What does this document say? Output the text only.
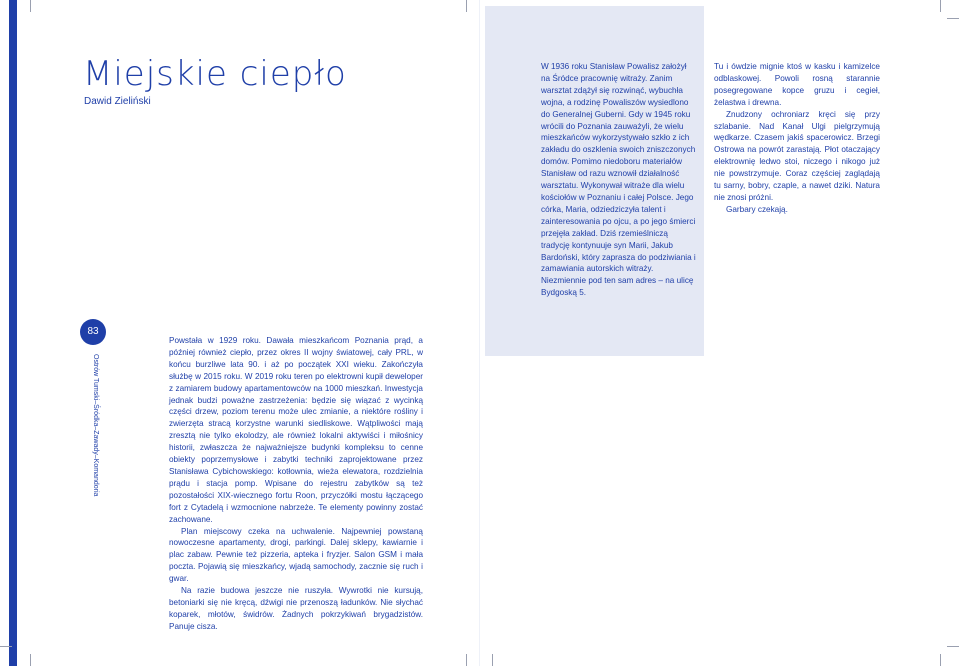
Miejskie ciepło
Dawid Zieliński
83
Ostrów Tumski–Śródka–Zawady–Komandoria

Powstała w 1929 roku. Dawała mieszkańcom Poznania prąd, a później również ciepło, przez okres II wojny światowej, cały PRL, w końcu burzliwe lata 90. i aż po początek XXI wieku. Zakończyła służbę w 2015 roku. W 2019 roku teren po elektrowni kupił deweloper z zamiarem budowy apartamentowców na 1000 mieszkań. Inwestycja jednak budzi poważne zastrzeżenia: będzie się wiązać z wycinką części drzew, poziom terenu może ulec zmianie, a niektóre rośliny i zwierzęta stracą korzystne warunki siedliskowe. Wątpliwości mają zresztą nie tylko ekolodzy, ale również lokalni aktywiści i miłośnicy historii, zwłaszcza że najważniejsze budynki kompleksu to cenne obiekty poprzemysłowe i zabytki techniki zaprojektowane przez Stanisława Cybichowskiego: kotłownia, wieża elewatora, rozdzielnia prądu i stacja pomp. Wpisane do rejestru zabytków są też pozostałości XIX-wiecznego fortu Roon, przyczółki mostu łączącego fort z Cytadelą i wzmocnione nabrzeże. Te elementy powinny zostać zachowane.

Plan miejscowy czeka na uchwalenie. Najpewniej powstaną nowoczesne apartamenty, drogi, parkingi. Dalej sklepy, kawiarnie i plac zabaw. Pewnie też pizzeria, apteka i fryzjer. Salon GSM i mała poczta. Pojawią się mieszkańcy, wjadą samochody, zacznie się ruch i gwar.

Na razie budowa jeszcze nie ruszyła. Wywrotki nie kursują, betoniarki się nie kręcą, dźwigi nie przenoszą ładunków. Nie słychać koparek, młotów, świdrów. Żadnych pokrzykiwań brygadzistów. Panuje cisza.

W 1936 roku Stanisław Powalisz założył na Śródce pracownię witraży. Zanim warsztat zdążył się rozwinąć, wybuchła wojna, a rodzinę Powaliszów wysiedlono do Generalnej Guberni. Gdy w 1945 roku wrócili do Poznania zauważyli, że wielu mieszkańców wykorzystywało szkło z ich zakładu do oszklenia swoich zniszczonych domów. Pomimo niedoboru materiałów Stanisław od razu wznowił działalność warsztatu. Wykonywał witraże dla wielu kościołów w Poznaniu i całej Polsce. Jego córka, Maria, odziedziczyła talent i zainteresowania po ojcu, a po jego śmierci przejęła zakład. Dziś rzemieślniczą tradycję kontynuuje syn Marii, Jakub Bardoński, który zaprasza do podziwiania i zamawiania autorskich witraży. Niezmiennie pod ten sam adres – na ulicę Bydgoską 5.

Tu i ówdzie mignie ktoś w kasku i kamizelce odblaskowej. Powoli rosną starannie posegregowane kopce gruzu i cegieł, żelastwa i drewna.

Znudzony ochroniarz kręci się przy szlabanie. Nad Kanał Ulgi pielgrzymują wędkarze. Czasem jakiś spacerowicz. Brzegi Ostrowa na powrót zarastają. Płot otaczający elektrownię ledwo stoi, niczego i nikogo już nie powstrzymuje. Coraz częściej zaglądają tu sarny, bobry, czaple, a nawet dziki. Natura nie znosi próżni.

Garbary czekają.
